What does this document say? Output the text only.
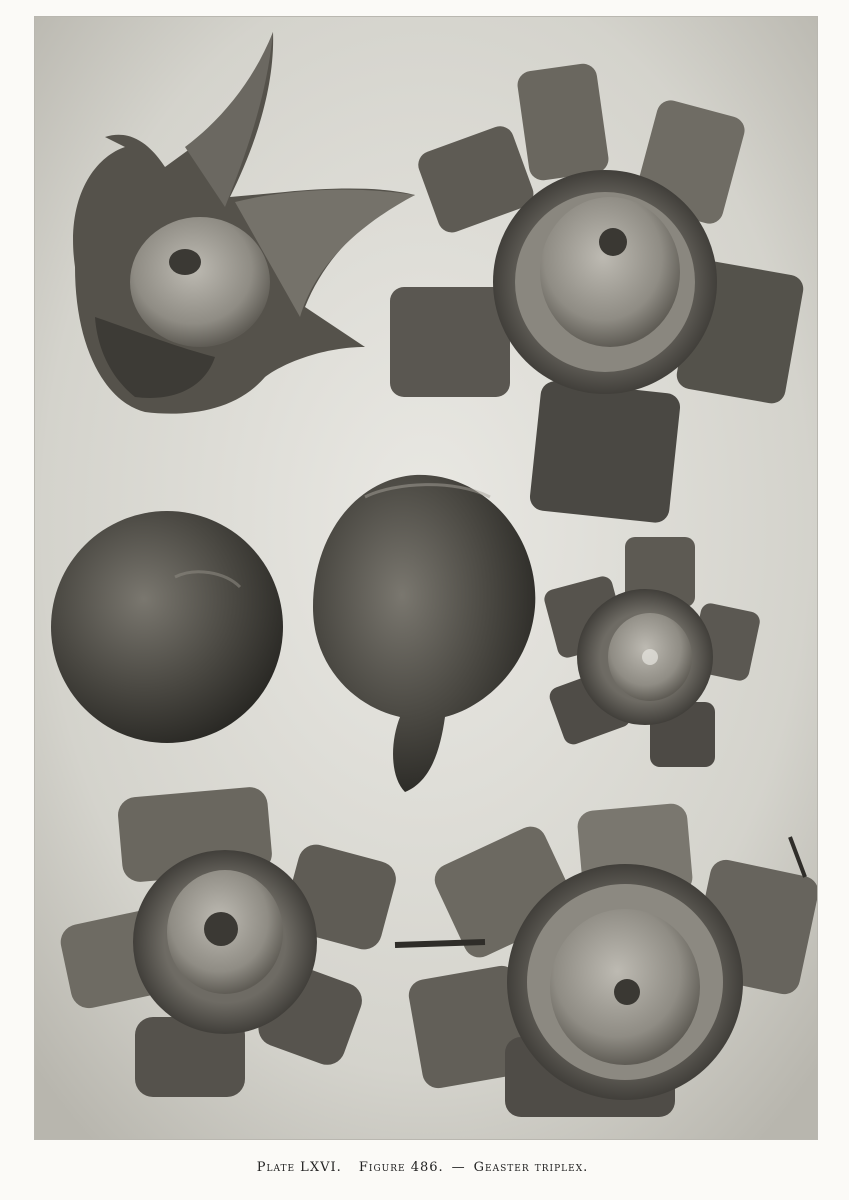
Plate LXVI. Figure 486. — Geaster triplex.
